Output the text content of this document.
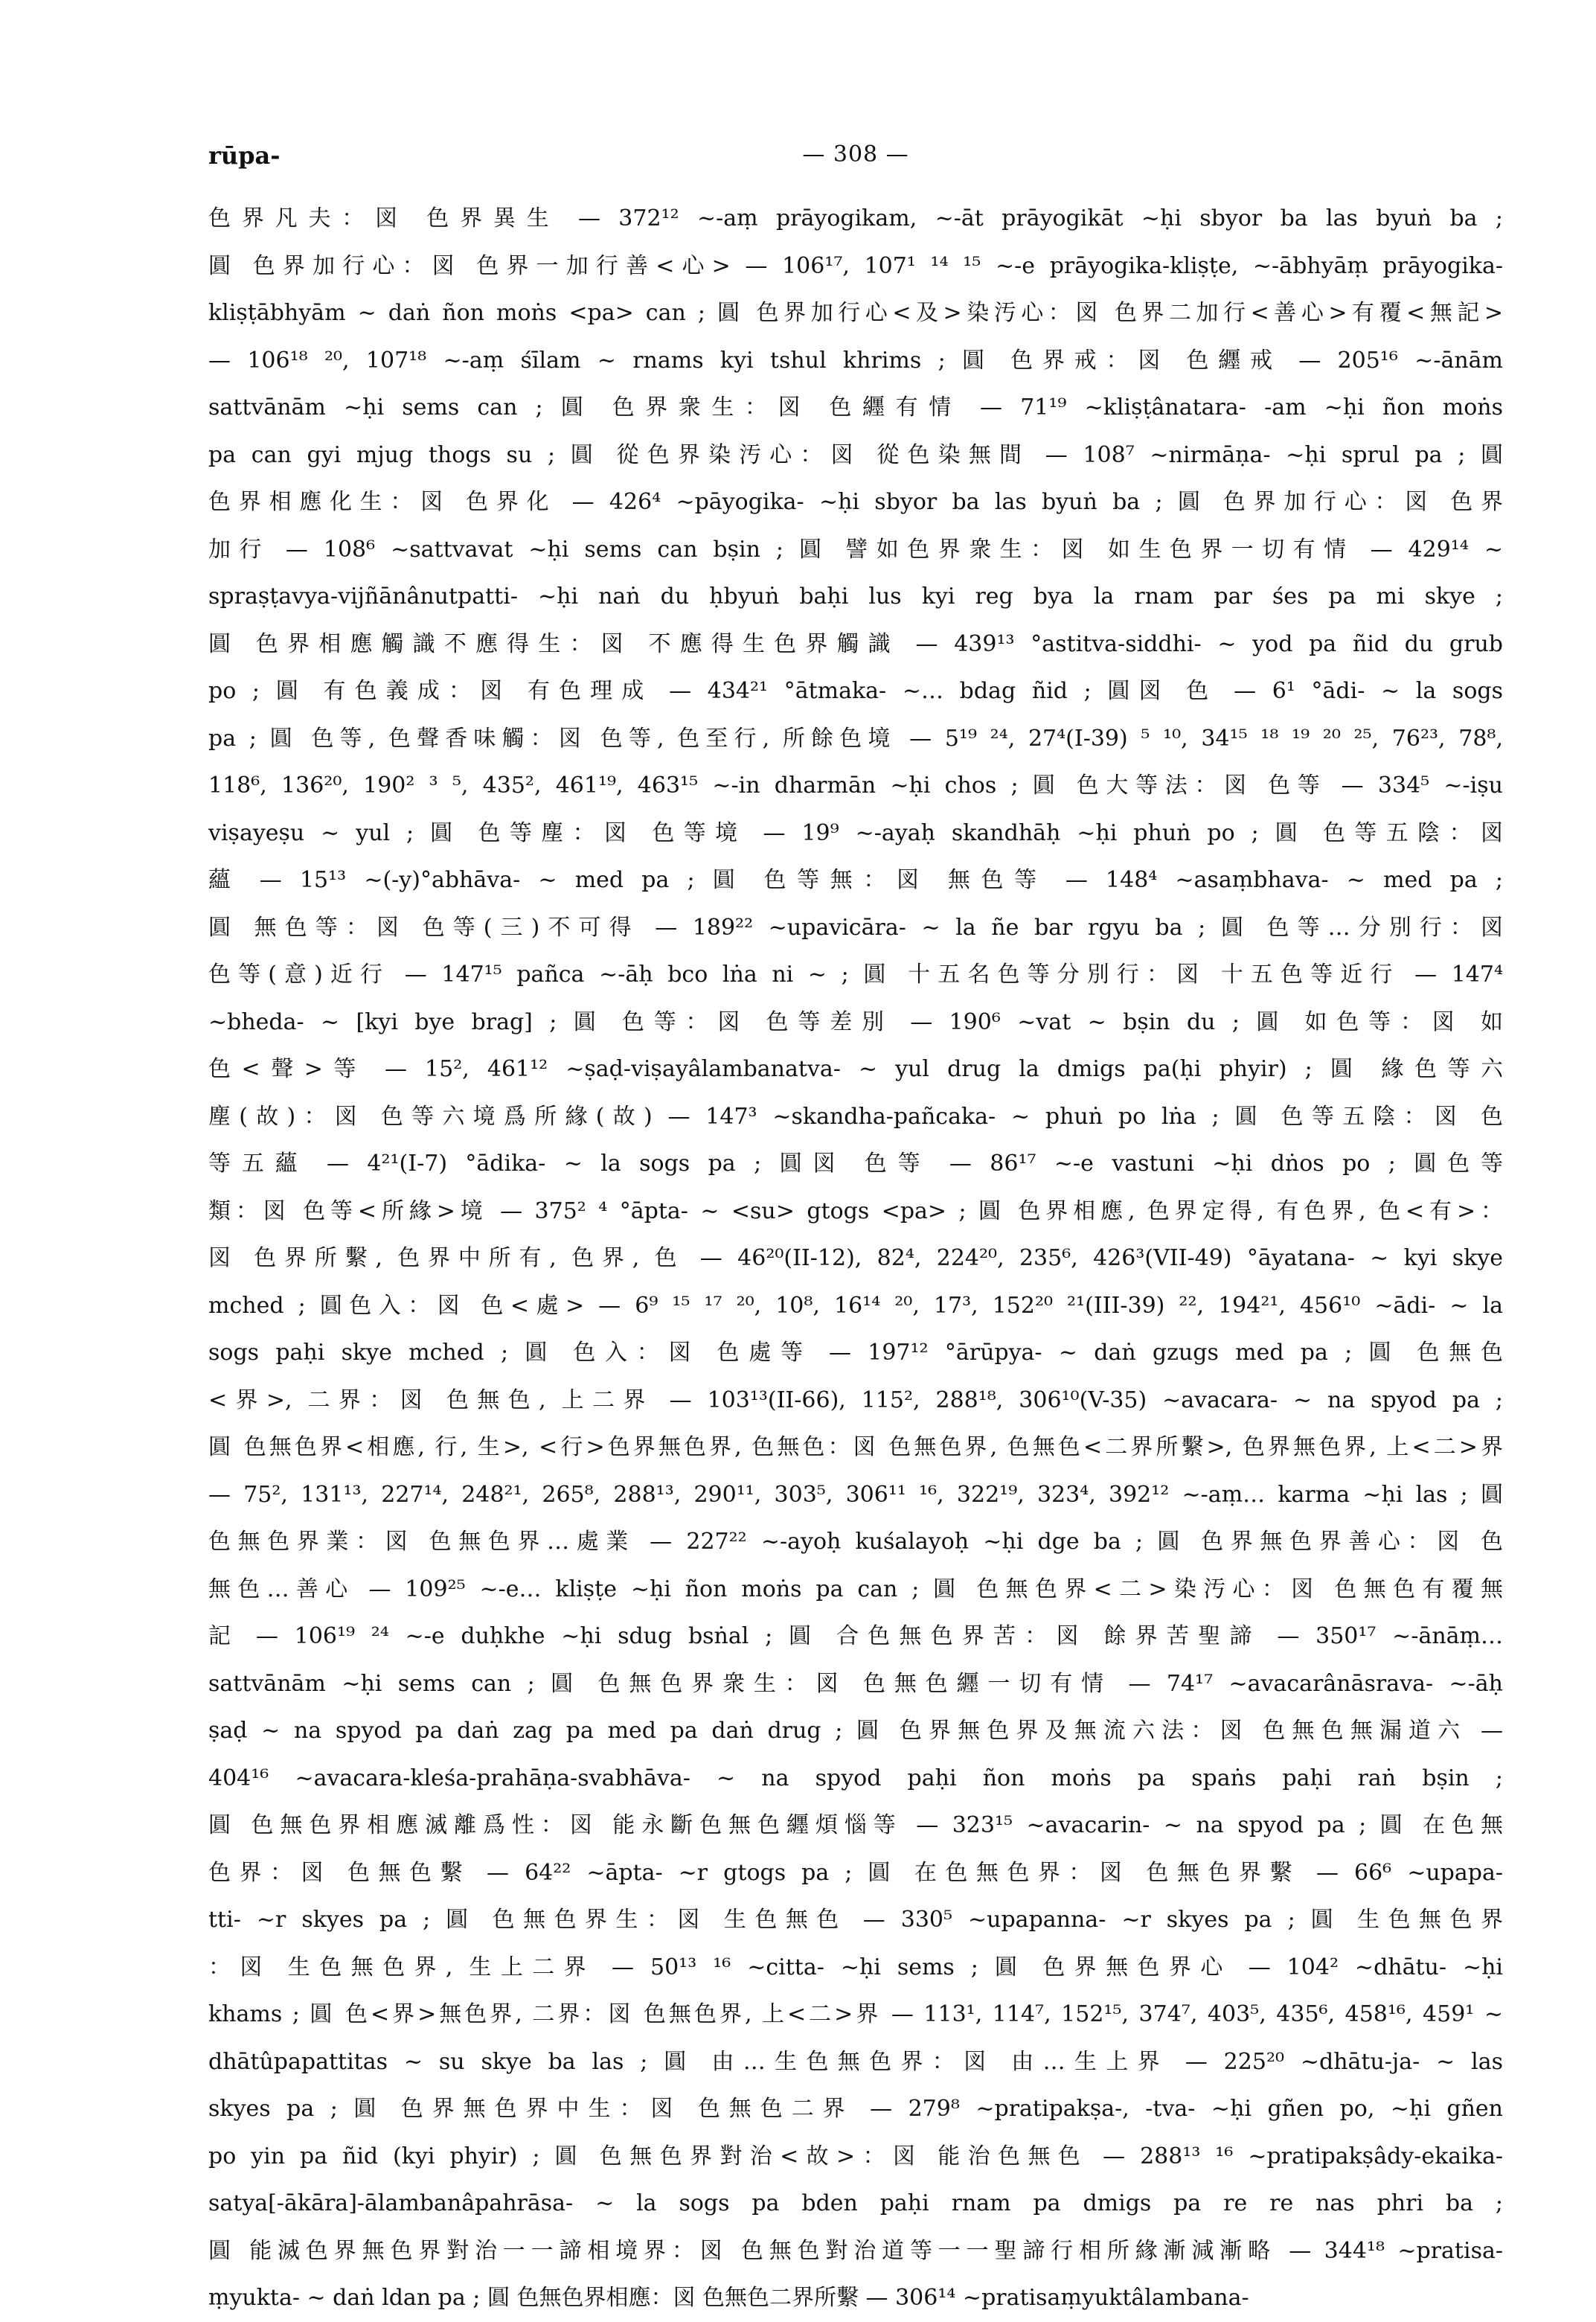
rūpa-	— 308 —
色界凡夫：図 色界異生 — 372¹² ~-aṃ prāyogikam, ~-āt prāyogikāt ~ḥi sbyor ba las byuṅ ba ;
圓 色界加行心：図 色界一加行善<心> — 106¹⁷, 107¹ ¹⁴ ¹⁵ ~-e prāyogika-kliṣṭe, ~-ābhyāṃ prāyogika-
kliṣṭābhyām ~ daṅ ñon moṅs <pa> can ; 圓 色界加行心<及>染汚心：図 色界二加行<善心>有覆<無記>
— 106¹⁸ ²⁰, 107¹⁸ ~-aṃ śīlam ~ rnams kyi tshul khrims ; 圓 色界戒：図 色纒戒 — 205¹⁶ ~-ānām
sattvānām ~ḥi sems can ; 圓 色界衆生：図 色纒有情 — 71¹⁹ ~kliṣṭânatara- -am ~ḥi ñon moṅs
pa can gyi mjug thogs su ; 圓 從色界染汚心：図 從色染無間 — 108⁷ ~nirmāṇa- ~ḥi sprul pa ; 圓
色界相應化生：図 色界化 — 426⁴ ~pāyogika- ~ḥi sbyor ba las byuṅ ba ; 圓 色界加行心：図 色界
加行 — 108⁶ ~sattvavat ~ḥi sems can bṣin ; 圓 譬如色界衆生：図 如生色界一切有情 — 429¹⁴ ~
spraṣṭavya-vijñānânutpatti- ~ḥi naṅ du ḥbyuṅ baḥi lus kyi reg bya la rnam par śes pa mi skye ;
圓 色界相應觸識不應得生：図 不應得生色界觸識 — 439¹³ °astitva-siddhi- ~ yod pa ñid du grub
po ; 圓 有色義成：図 有色理成 — 434²¹ °ātmaka- ~… bdag ñid ; 圓図 色 — 6¹ °ādi- ~ la sogs
pa ; 圓 色等, 色聲香味觸：図 色等, 色至行, 所餘色境 — 5¹⁹ ²⁴, 27⁴(I-39) ⁵ ¹⁰, 34¹⁵ ¹⁸ ¹⁹ ²⁰ ²⁵, 76²³, 78⁸,
118⁶, 136²⁰, 190² ³ ⁵, 435², 461¹⁹, 463¹⁵ ~-in dharmān ~ḥi chos ; 圓 色大等法：図 色等 — 334⁵ ~-iṣu
viṣayeṣu ~ yul ; 圓 色等塵：図 色等境 — 19⁹ ~-ayaḥ skandhāḥ ~ḥi phuṅ po ; 圓 色等五陰：図
蘊 — 15¹³ ~(-y)°abhāva- ~ med pa ; 圓 色等無：図 無色等 — 148⁴ ~asaṃbhava- ~ med pa ;
圓 無色等：図 色等(三)不可得 — 189²² ~upavicāra- ~ la ñe bar rgyu ba ; 圓 色等…分別行：図
色等(意)近行 — 147¹⁵ pañca ~-āḥ bco lṅa ni ~ ; 圓 十五名色等分別行：図 十五色等近行 — 147⁴
~bheda- ~ [kyi bye brag] ; 圓 色等：図 色等差別 — 190⁶ ~vat ~ bṣin du ; 圓 如色等：図 如
色<聲>等 — 15², 461¹² ~ṣaḍ-viṣayâlambanatva- ~ yul drug la dmigs pa(ḥi phyir) ; 圓 緣色等六
塵(故)：図 色等六境爲所緣(故) — 147³ ~skandha-pañcaka- ~ phuṅ po lṅa ; 圓 色等五陰：図 色
等五蘊 — 4²¹(I-7) °ādika- ~ la sogs pa ; 圓図 色等 — 86¹⁷ ~-e vastuni ~ḥi dṅos po ; 圓色等
類：図 色等<所緣>境 — 375² ⁴ °āpta- ~ <su> gtogs <pa> ; 圓 色界相應, 色界定得, 有色界, 色<有>：
図 色界所繫, 色界中所有, 色界, 色 — 46²⁰(II-12), 82⁴, 224²⁰, 235⁶, 426³(VII-49) °āyatana- ~ kyi skye
mched ; 圓色入：図 色<處> — 6⁹ ¹⁵ ¹⁷ ²⁰, 10⁸, 16¹⁴ ²⁰, 17³, 152²⁰ ²¹(III-39) ²², 194²¹, 456¹⁰ ~ādi- ~ la
sogs paḥi skye mched ; 圓 色入：図 色處等 — 197¹² °ārūpya- ~ daṅ gzugs med pa ; 圓 色無色
<界>, 二界：図 色無色, 上二界 — 103¹³(II-66), 115², 288¹⁸, 306¹⁰(V-35) ~avacara- ~ na spyod pa ;
圓 色無色界<相應, 行, 生>, <行>色界無色界, 色無色：図 色無色界, 色無色<二界所繫>, 色界無色界, 上<二>界
— 75², 131¹³, 227¹⁴, 248²¹, 265⁸, 288¹³, 290¹¹, 303⁵, 306¹¹ ¹⁶, 322¹⁹, 323⁴, 392¹² ~-aṃ… karma ~ḥi las ; 圓
色無色界業：図 色無色界…處業 — 227²² ~-ayoḥ kuśalayoḥ ~ḥi dge ba ; 圓 色界無色界善心：図 色
無色…善心 — 109²⁵ ~-e… kliṣṭe ~ḥi ñon moṅs pa can ; 圓 色無色界<二>染汚心：図 色無色有覆無
記 — 106¹⁹ ²⁴ ~-e duḥkhe ~ḥi sdug bsṅal ; 圓 合色無色界苦：図 餘界苦聖諦 — 350¹⁷ ~-ānāṃ…
sattvānām ~ḥi sems can ; 圓 色無色界衆生：図 色無色纒一切有情 — 74¹⁷ ~avacarânāsrava- ~-āḥ
ṣaḍ ~ na spyod pa daṅ zag pa med pa daṅ drug ; 圓 色界無色界及無流六法：図 色無色無漏道六 —
404¹⁶ ~avacara-kleśa-prahāṇa-svabhāva- ~ na spyod paḥi ñon moṅs pa spaṅs paḥi raṅ bṣin ;
圓 色無色界相應滅離爲性：図 能永斷色無色纒煩惱等 — 323¹⁵ ~avacarin- ~ na spyod pa ; 圓 在色無
色界：図 色無色繫 — 64²² ~āpta- ~r gtogs pa ; 圓 在色無色界：図 色無色界繫 — 66⁶ ~upapa-
tti- ~r skyes pa ; 圓 色無色界生：図 生色無色 — 330⁵ ~upapanna- ~r skyes pa ; 圓 生色無色界
：図 生色無色界, 生上二界 — 50¹³ ¹⁶ ~citta- ~ḥi sems ; 圓 色界無色界心 — 104² ~dhātu- ~ḥi
khams ; 圓 色<界>無色界, 二界：図 色無色界, 上<二>界 — 113¹, 114⁷, 152¹⁵, 374⁷, 403⁵, 435⁶, 458¹⁶, 459¹ ~
dhātûpapattitas ~ su skye ba las ; 圓 由…生色無色界：図 由…生上界 — 225²⁰ ~dhātu-ja- ~ las
skyes pa ; 圓 色界無色界中生：図 色無色二界 — 279⁸ ~pratipakṣa-, -tva- ~ḥi gñen po, ~ḥi gñen
po yin pa ñid (kyi phyir) ; 圓 色無色界對治<故>：図 能治色無色 — 288¹³ ¹⁶ ~pratipakṣâdy-ekaika-
satya[-ākāra]-ālambanâpahrāsa- ~ la sogs pa bden paḥi rnam pa dmigs pa re re nas phri ba ;
圓 能滅色界無色界對治一一諦相境界：図 色無色對治道等一一聖諦行相所緣漸減漸略 — 344¹⁸ ~pratisa-
ṃyukta- ~ daṅ ldan pa ; 圓 色無色界相應：図 色無色二界所繫 — 306¹⁴ ~pratisaṃyuktâlambana-
